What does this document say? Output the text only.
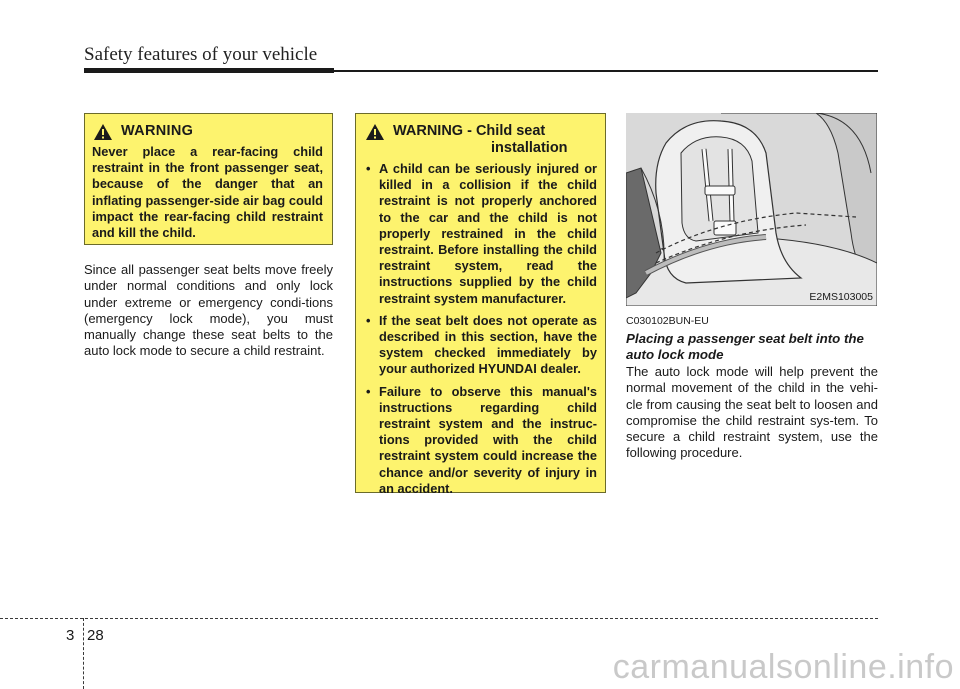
Safety features of your vehicle
WARNING
Never place a rear-facing child restraint in the front passenger seat, because of the danger that an inflating passenger-side air bag could impact the rear-facing child restraint and kill the child.
Since all passenger seat belts move freely under normal conditions and only lock under extreme or emergency condi-tions (emergency lock mode), you must manually change these seat belts to the auto lock mode to secure a child restraint.
WARNING - Child seat
installation
• A child can be seriously injured or killed in a collision if the child restraint is not properly anchored to the car and the child is not properly restrained in the child restraint. Before installing the child restraint system, read the instructions supplied by the child restraint system manufacturer.
• If the seat belt does not operate as described in this section, have the system checked immediately by your authorized HYUNDAI dealer.
• Failure to observe this manual's instructions regarding child restraint system and the instruc-tions provided with the child restraint system could increase the chance and/or severity of injury in an accident.
E2MS103005
C030102BUN-EU
Placing a passenger seat belt into the auto lock mode
The auto lock mode will help prevent the normal movement of the child in the vehi-cle from causing the seat belt to loosen and compromise the child restraint sys-tem. To secure a child restraint system, use the following procedure.
3 28
carmanualsonline.info
